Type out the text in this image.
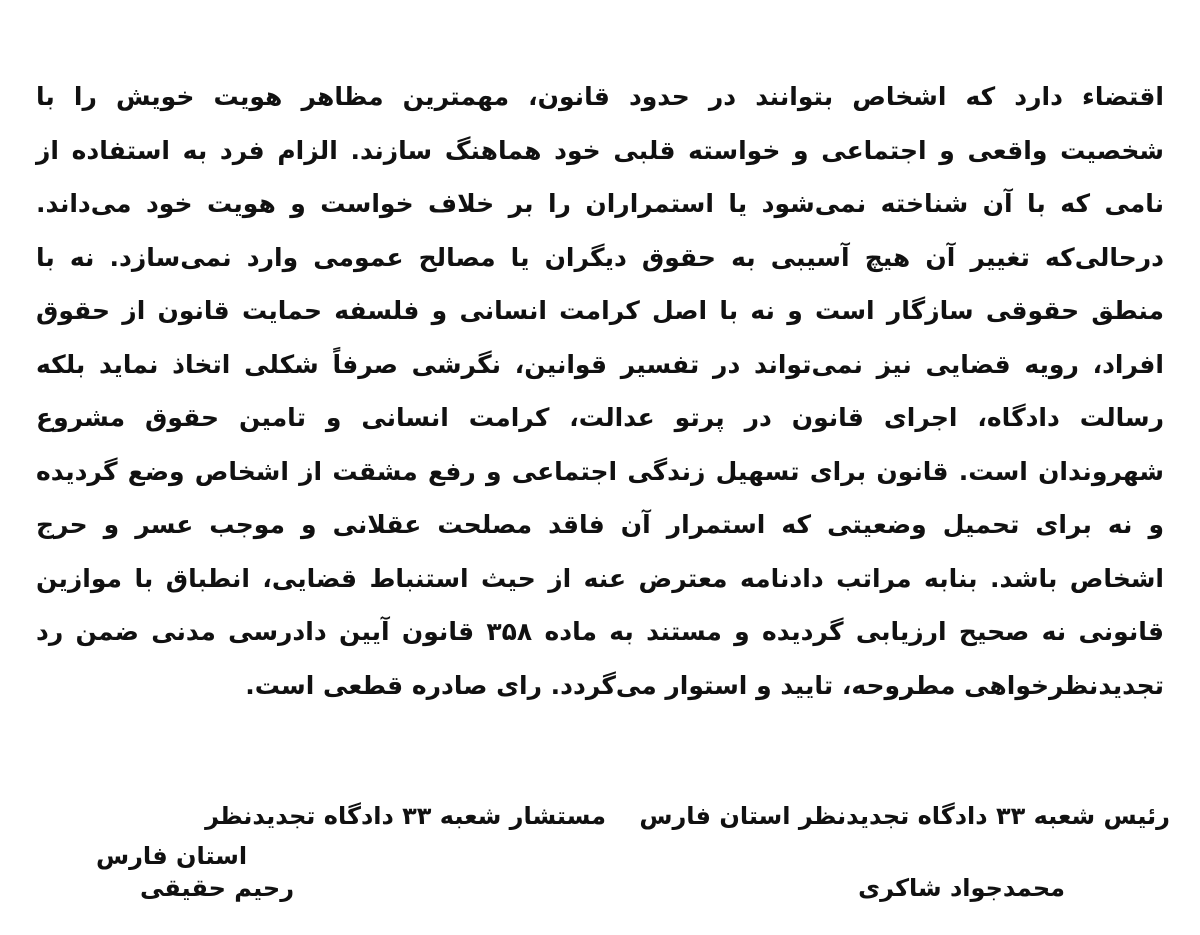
اقتضاء دارد که اشخاص بتوانند در حدود قانون، مهمترین مظاهر هویت خویش را با
شخصیت واقعی و اجتماعی و خواسته قلبی خود هماهنگ سازند. الزام فرد به استفاده از
نامی که با آن شناخته نمی‌شود یا استمراران را بر خلاف خواست و هویت خود می‌داند.
درحالی‌که تغییر آن هیچ آسیبی به حقوق دیگران یا مصالح عمومی وارد نمی‌سازد. نه با
منطق حقوقی سازگار است و نه با اصل کرامت انسانی و فلسفه حمایت قانون از حقوق
افراد، رویه قضایی نیز نمی‌تواند در تفسیر قوانین، نگرشی صرفاً شکلی اتخاذ نماید بلکه
رسالت دادگاه، اجرای قانون در پرتو عدالت، کرامت انسانی و تامین حقوق مشروع
شهروندان است. قانون برای تسهیل زندگی اجتماعی و رفع مشقت از اشخاص وضع گردیده
و نه برای تحمیل وضعیتی که استمرار آن فاقد مصلحت عقلانی و موجب عسر و حرج
اشخاص باشد. بنابه مراتب دادنامه معترض عنه از حیث استنباط قضایی، انطباق با موازین
قانونی نه صحیح ارزیابی گردیده و مستند به ماده ۳۵۸ قانون آیین دادرسی مدنی ضمن رد
تجدیدنظرخواهی مطروحه، تایید و استوار می‌گردد. رای صادره قطعی است.
رئیس شعبه ۳۳ دادگاه تجدیدنظر استان فارس
محمدجواد شاکری
مستشار شعبه ۳۳ دادگاه تجدیدنظر
استان فارس
رحیم حقیقی
